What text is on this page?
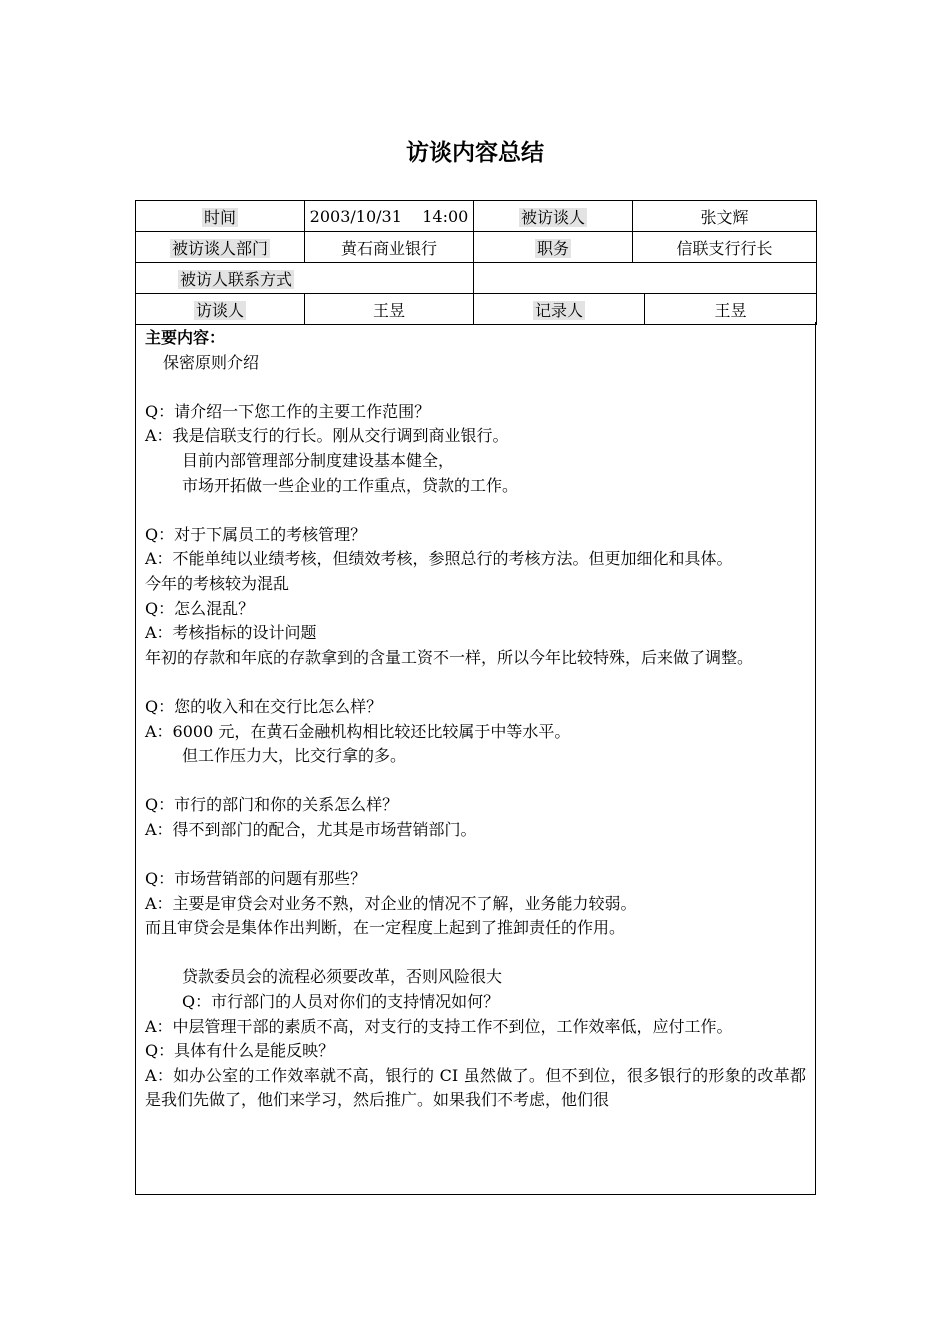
访谈内容总结
时间	2003/10/31    14:00	被访谈人	张文辉	
被访谈人部门	黄石商业银行	职务	信联支行行长	
被访人联系方式				
访谈人	王昱	记录人		王昱
主要内容：
保密原则介绍
Q：请介绍一下您工作的主要工作范围？
A：我是信联支行的行长。刚从交行调到商业银行。
目前内部管理部分制度建设基本健全，
市场开拓做一些企业的工作重点，贷款的工作。
Q：对于下属员工的考核管理？
A：不能单纯以业绩考核，但绩效考核，参照总行的考核方法。但更加细化和具体。
今年的考核较为混乱
Q：怎么混乱？
A：考核指标的设计问题
年初的存款和年底的存款拿到的含量工资不一样，所以今年比较特殊，后来做了调整。
Q：您的收入和在交行比怎么样？
A：6000 元，在黄石金融机构相比较还比较属于中等水平。
但工作压力大，比交行拿的多。
Q：市行的部门和你的关系怎么样？
A：得不到部门的配合，尤其是市场营销部门。
Q：市场营销部的问题有那些？
A：主要是审贷会对业务不熟，对企业的情况不了解，业务能力较弱。
而且审贷会是集体作出判断，在一定程度上起到了推卸责任的作用。
贷款委员会的流程必须要改革，否则风险很大
Q：市行部门的人员对你们的支持情况如何？
A：中层管理干部的素质不高，对支行的支持工作不到位，工作效率低，应付工作。
Q：具体有什么是能反映？
A：如办公室的工作效率就不高，银行的 CI 虽然做了。但不到位，很多银行的形象的改革都是我们先做了，他们来学习，然后推广。如果我们不考虑，他们很
